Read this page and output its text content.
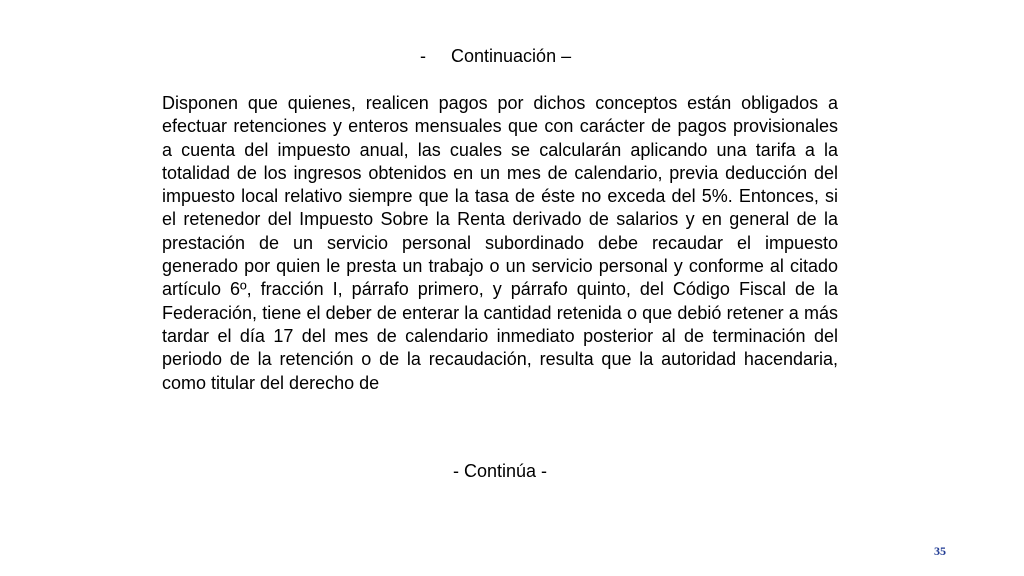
- Continuación –

Disponen que quienes, realicen pagos por dichos conceptos están obligados a efectuar retenciones y enteros mensuales que con carácter de pagos provisionales a cuenta del impuesto anual, las cuales se calcularán aplicando una tarifa a la totalidad de los ingresos obtenidos en un mes de calendario, previa deducción del impuesto local relativo siempre que la tasa de éste no exceda del 5%. Entonces, si el retenedor del Impuesto Sobre la Renta derivado de salarios y en general de la prestación de un servicio personal subordinado debe recaudar el impuesto generado por quien le presta un trabajo o un servicio personal y conforme al citado artículo 6º, fracción I, párrafo primero, y párrafo quinto, del Código Fiscal de la Federación, tiene el deber de enterar la cantidad retenida o que debió retener a más tardar el día 17 del mes de calendario inmediato posterior al de terminación del periodo de la retención o de la recaudación, resulta que la autoridad hacendaria, como titular del derecho de

- Continúa -
35
